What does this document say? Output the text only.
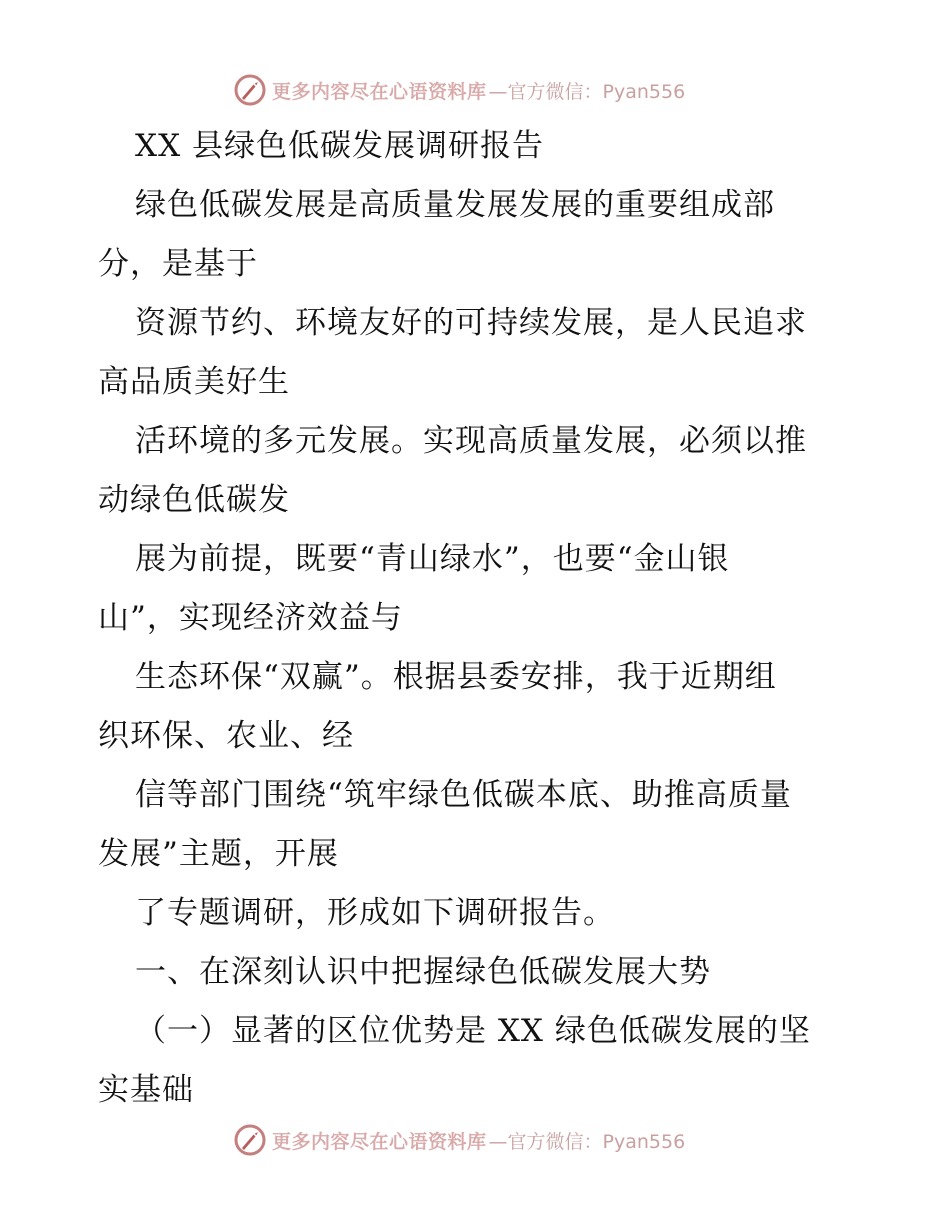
更多内容尽在心语资料库 —官方微信：Pyan556
XX 县绿色低碳发展调研报告
绿色低碳发展是高质量发展发展的重要组成部
分，是基于
资源节约、环境友好的可持续发展，是人民追求
高品质美好生
活环境的多元发展。实现高质量发展，必须以推
动绿色低碳发
展为前提，既要“青山绿水”，也要“金山银
山”，实现经济效益与
生态环保“双赢”。根据县委安排，我于近期组
织环保、农业、经
信等部门围绕“筑牢绿色低碳本底、助推高质量
发展”主题，开展
了专题调研，形成如下调研报告。
一、在深刻认识中把握绿色低碳发展大势
（一）显著的区位优势是 XX 绿色低碳发展的坚
实基础
更多内容尽在心语资料库 —官方微信：Pyan556
